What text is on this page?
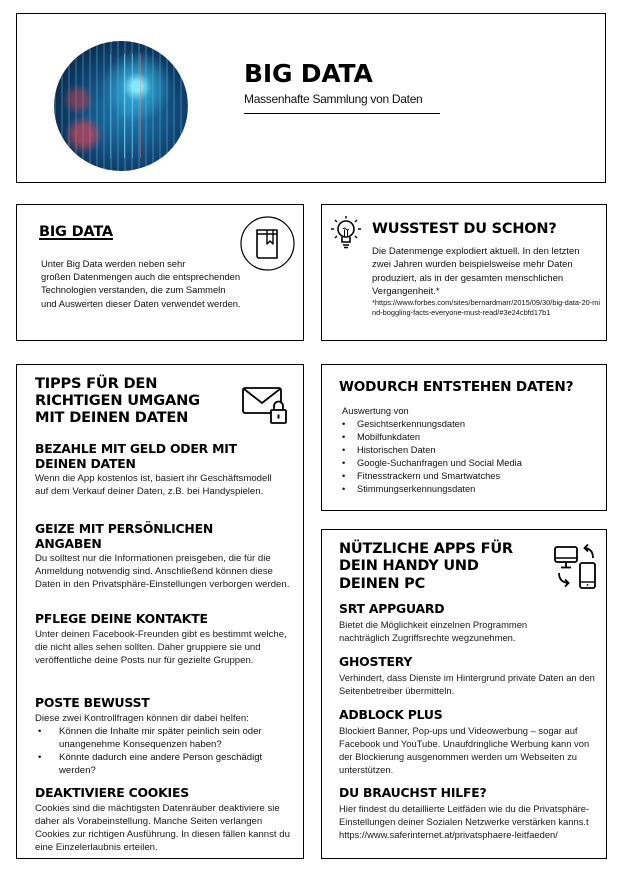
BIG DATA
Massenhafte Sammlung von Daten
BIG DATA
Unter Big Data werden neben sehr
großen Datenmengen auch die entsprechenden
Technologien verstanden, die zum Sammeln
und Auswerten dieser Daten verwendet werden.
WUSSTEST DU SCHON?

Die Datenmenge explodiert aktuell. In den letzten zwei Jahren wurden beispielsweise mehr Daten produziert, als in der gesamten menschlichen Vergangenheit.*

*https://www.forbes.com/sites/bernardmarr/2015/09/30/big-data-20-mind-boggling-facts-everyone-must-read/#3e24cbfd17b1

TIPPS FÜR DEN
RICHTIGEN UMGANG
MIT DEINEN DATEN
BEZAHLE MIT GELD ODER MIT DEINEN DATEN

Wenn die App kostenlos ist, basiert ihr Geschäftsmodell auf dem Verkauf deiner Daten, z.B. bei Handyspielen.

GEIZE MIT PERSÖNLICHEN ANGABEN

Du solltest nur die Informationen preisgeben, die für die Anmeldung notwendig sind. Anschließend können diese Daten in den Privatsphäre-Einstellungen verborgen werden.

PFLEGE DEINE KONTAKTE

Unter deinen Facebook-Freunden gibt es bestimmt welche, die nicht alles sehen sollten. Daher gruppiere sie und veröffentliche deine Posts nur für gezielte Gruppen.

POSTE BEWUSST

Diese zwei Kontrollfragen können dir dabei helfen:

• Können die Inhalte mir später peinlich sein oder unangenehme Konsequenzen haben?
• Könnte dadurch eine andere Person geschädigt werden?
DEAKTIVIERE COOKIES

Cookies sind die mächtigsten Datenräuber deaktiviere sie daher als Vorabeinstellung. Manche Seiten verlangen Cookies zur richtigen Ausführung. In diesen fällen kannst du eine Einzelerlaubnis erteilen.

WODURCH ENTSTEHEN DATEN?
Auswertung von
• Gesichtserkennungsdaten
• Mobilfunkdaten
• Historischen Daten
• Google-Suchanfragen und Social Media
• Fitnesstrackern und Smartwatches
• Stimmungserkennungsdaten
NÜTZLICHE APPS FÜR
DEIN HANDY UND
DEINEN PC
SRT APPGUARD

Bietet die Möglichkeit einzelnen Programmen nachträglich Zugriffsrechte wegzunehmen.

GHOSTERY

Verhindert, dass Dienste im Hintergrund private Daten an den Seitenbetreiber übermitteln.

ADBLOCK PLUS

Blockiert Banner, Pop-ups und Videowerbung – sogar auf Facebook und YouTube. Unaufdringliche Werbung kann von der Blockierung ausgenommen werden um Webseiten zu unterstützen.

DU BRAUCHST HILFE?

Hier findest du detaillierte Leitfäden wie du die Privatsphäre-Einstellungen deiner Sozialen Netzwerke verstärken kanns.t

https://www.saferinternet.at/privatsphaere-leitfaeden/
